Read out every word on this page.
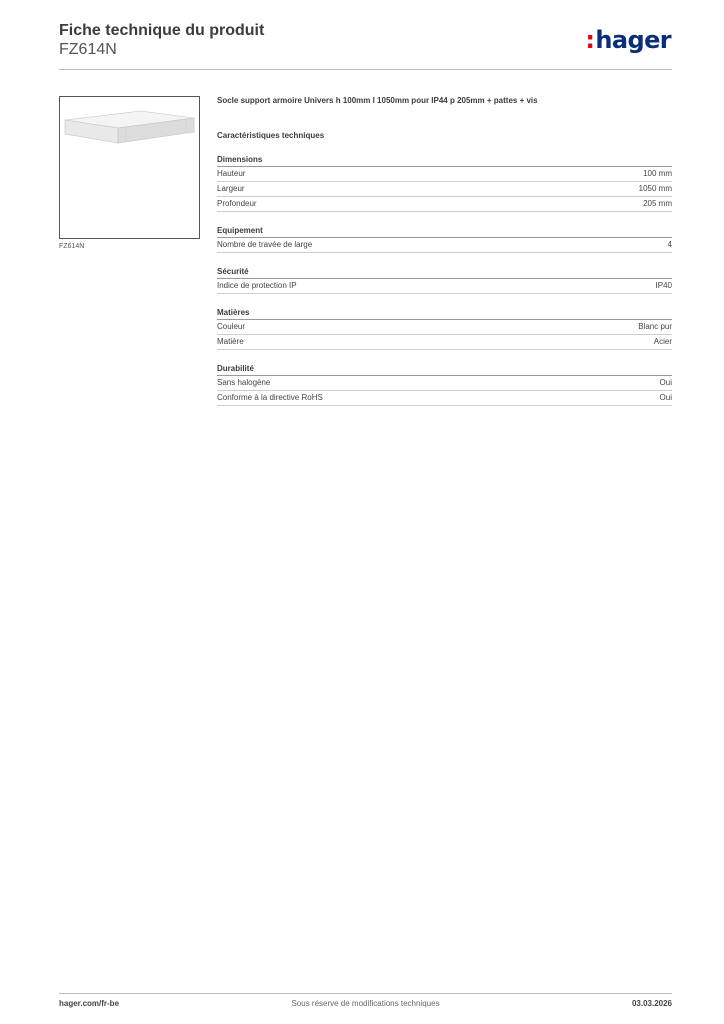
Fiche technique du produit
FZ614N	:hager
FZ614N
Socle support armoire Univers h 100mm l 1050mm pour IP44 p 205mm + pattes + vis
Caractéristiques techniques
Dimensions
Hauteur	100 mm
Largeur	1050 mm
Profondeur	205 mm
Equipement
Nombre de travée de large	4
Sécurité
Indice de protection IP	IP40
Matières
Couleur	Blanc pur
Matière	Acier
Durabilité
Sans halogène	Oui
Conforme à la directive RoHS	Oui
hager.com/fr-be	Sous réserve de modifications techniques	03.03.2026
